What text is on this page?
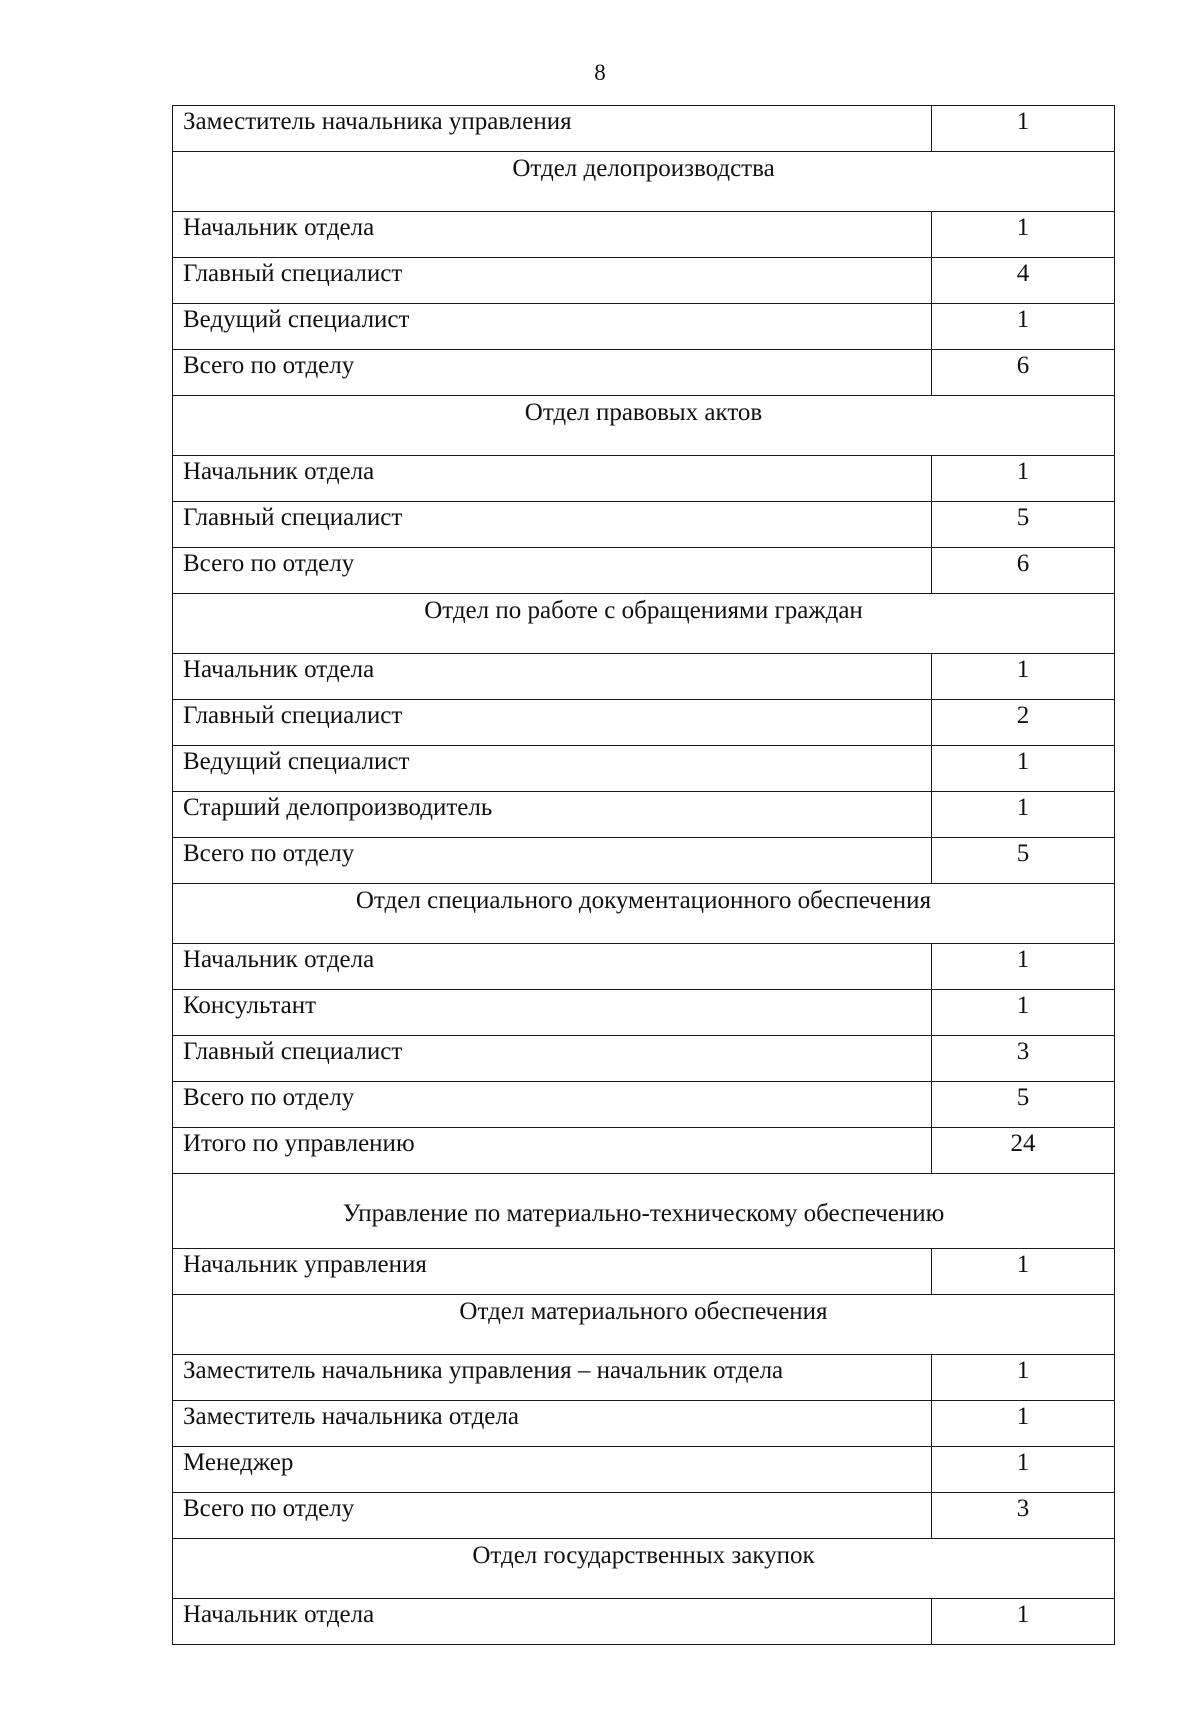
8
Заместитель начальника управления	1
Отдел делопроизводства	
Начальник отдела	1
Главный специалист	4
Ведущий специалист	1
Всего по отделу	6
Отдел правовых актов	
Начальник отдела	1
Главный специалист	5
Всего по отделу	6
Отдел по работе с обращениями граждан	
Начальник отдела	1
Главный специалист	2
Ведущий специалист	1
Старший делопроизводитель	1
Всего по отделу	5
Отдел специального документационного обеспечения	
Начальник отдела	1
Консультант	1
Главный специалист	3
Всего по отделу	5
Итого по управлению	24
Управление по материально-техническому обеспечению	
Начальник управления	1
Отдел материального обеспечения	
Заместитель начальника управления – начальник отдела	1
Заместитель начальника отдела	1
Менеджер	1
Всего по отделу	3
Отдел государственных закупок	
Начальник отдела	1
